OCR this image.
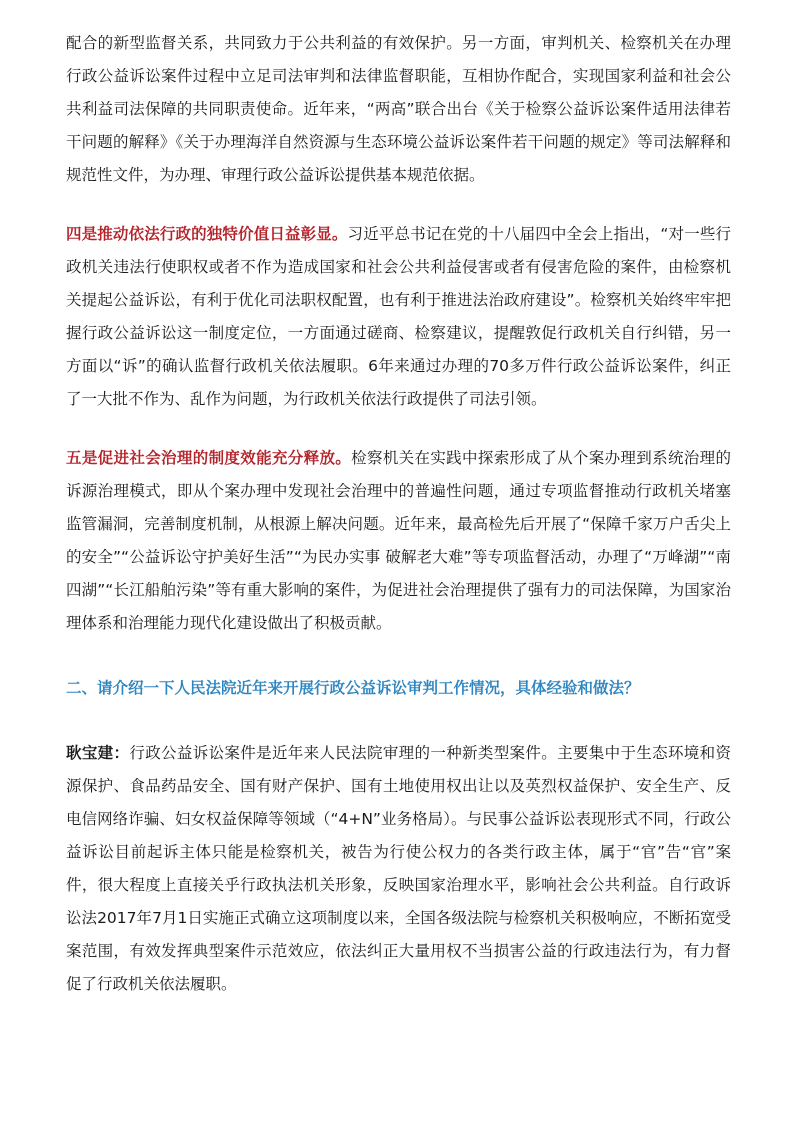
配合的新型监督关系，共同致力于公共利益的有效保护。另一方面，审判机关、检察机关在办理行政公益诉讼案件过程中立足司法审判和法律监督职能，互相协作配合，实现国家利益和社会公共利益司法保障的共同职责使命。近年来，“两高”联合出台《关于检察公益诉讼案件适用法律若干问题的解释》《关于办理海洋自然资源与生态环境公益诉讼案件若干问题的规定》等司法解释和规范性文件，为办理、审理行政公益诉讼提供基本规范依据。

四是推动依法行政的独特价值日益彰显。习近平总书记在党的十八届四中全会上指出，“对一些行政机关违法行使职权或者不作为造成国家和社会公共利益侵害或者有侵害危险的案件，由检察机关提起公益诉讼，有利于优化司法职权配置，也有利于推进法治政府建设”。检察机关始终牢牢把握行政公益诉讼这一制度定位，一方面通过磋商、检察建议，提醒敦促行政机关自行纠错，另一方面以“诉”的确认监督行政机关依法履职。6年来通过办理的70多万件行政公益诉讼案件，纠正了一大批不作为、乱作为问题，为行政机关依法行政提供了司法引领。

五是促进社会治理的制度效能充分释放。检察机关在实践中探索形成了从个案办理到系统治理的诉源治理模式，即从个案办理中发现社会治理中的普遍性问题，通过专项监督推动行政机关堵塞监管漏洞，完善制度机制，从根源上解决问题。近年来，最高检先后开展了“保障千家万户舌尖上的安全”“公益诉讼守护美好生活”“为民办实事 破解老大难”等专项监督活动，办理了“万峰湖”“南四湖”“长江船舶污染”等有重大影响的案件，为促进社会治理提供了强有力的司法保障，为国家治理体系和治理能力现代化建设做出了积极贡献。

二、请介绍一下人民法院近年来开展行政公益诉讼审判工作情况，具体经验和做法？

耿宝建：行政公益诉讼案件是近年来人民法院审理的一种新类型案件。主要集中于生态环境和资源保护、食品药品安全、国有财产保护、国有土地使用权出让以及英烈权益保护、安全生产、反电信网络诈骗、妇女权益保障等领域（“4+N”业务格局）。与民事公益诉讼表现形式不同，行政公益诉讼目前起诉主体只能是检察机关，被告为行使公权力的各类行政主体，属于“官”告“官”案件，很大程度上直接关乎行政执法机关形象，反映国家治理水平，影响社会公共利益。自行政诉讼法2017年7月1日实施正式确立这项制度以来，全国各级法院与检察机关积极响应，不断拓宽受案范围，有效发挥典型案件示范效应，依法纠正大量用权不当损害公益的行政违法行为，有力督促了行政机关依法履职。
